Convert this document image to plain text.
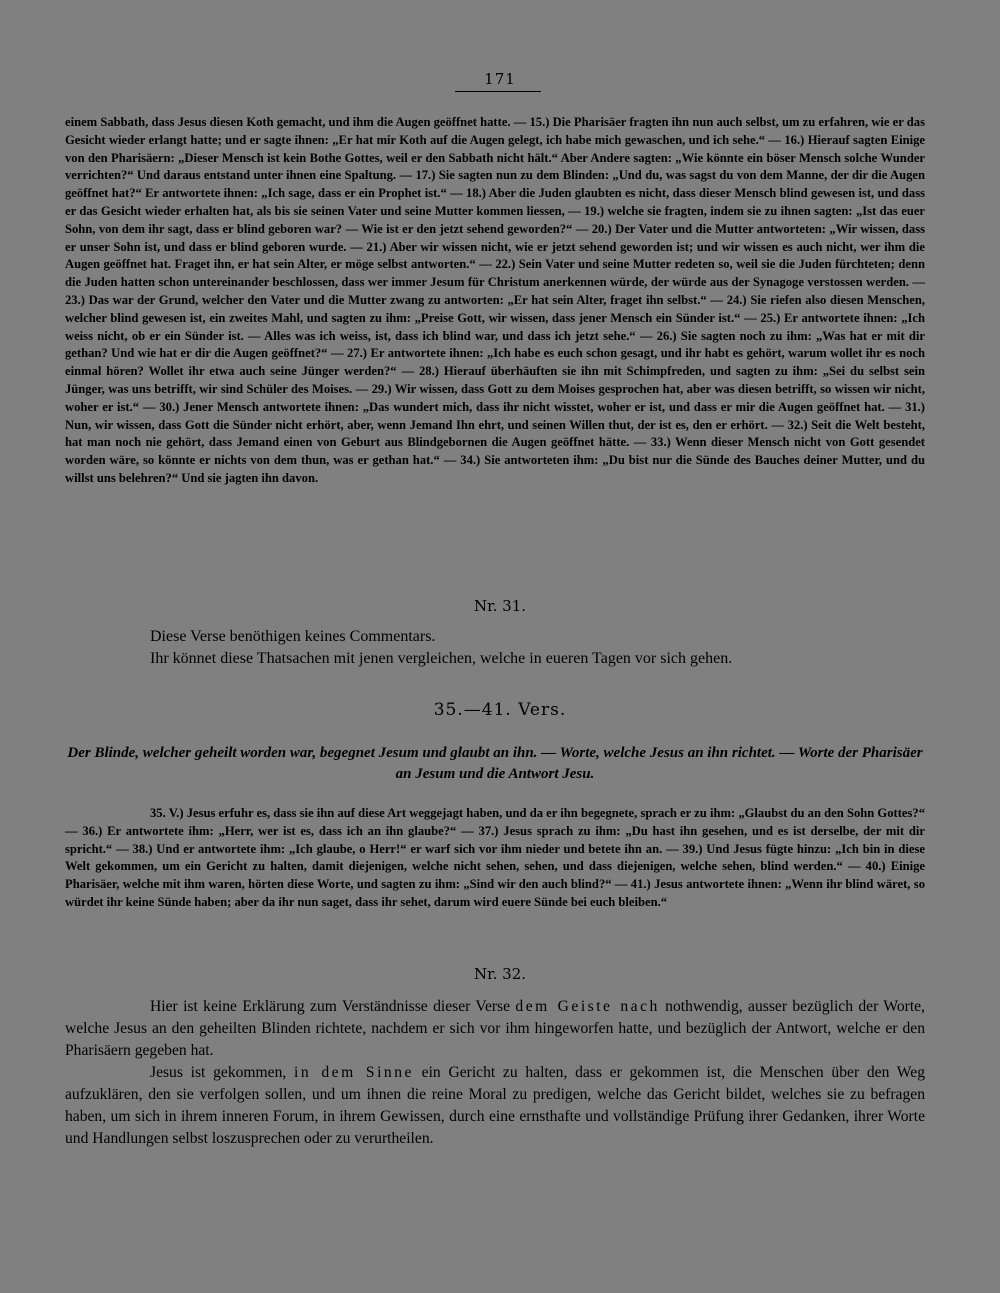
171
einem Sabbath, dass Jesus diesen Koth gemacht, und ihm die Augen geöffnet hatte. — 15.) Die Pharisäer fragten ihn nun auch selbst, um zu erfahren, wie er das Gesicht wieder erlangt hatte; und er sagte ihnen: „Er hat mir Koth auf die Augen gelegt, ich habe mich gewaschen, und ich sehe.“ — 16.) Hierauf sagten Einige von den Pharisäern: „Dieser Mensch ist kein Bothe Gottes, weil er den Sabbath nicht hält.“ Aber Andere sagten: „Wie könnte ein böser Mensch solche Wunder verrichten?“ Und daraus entstand unter ihnen eine Spaltung. — 17.) Sie sagten nun zu dem Blinden: „Und du, was sagst du von dem Manne, der dir die Augen geöffnet hat?“ Er antwortete ihnen: „Ich sage, dass er ein Prophet ist.“ — 18.) Aber die Juden glaubten es nicht, dass dieser Mensch blind gewesen ist, und dass er das Gesicht wieder erhalten hat, als bis sie seinen Vater und seine Mutter kommen liessen, — 19.) welche sie fragten, indem sie zu ihnen sagten: „Ist das euer Sohn, von dem ihr sagt, dass er blind geboren war? — Wie ist er den jetzt sehend geworden?“ — 20.) Der Vater und die Mutter antworteten: „Wir wissen, dass er unser Sohn ist, und dass er blind geboren wurde. — 21.) Aber wir wissen nicht, wie er jetzt sehend geworden ist; und wir wissen es auch nicht, wer ihm die Augen geöffnet hat. Fraget ihn, er hat sein Alter, er möge selbst antworten.“ — 22.) Sein Vater und seine Mutter redeten so, weil sie die Juden fürchteten; denn die Juden hatten schon untereinander beschlossen, dass wer immer Jesum für Christum anerkennen würde, der würde aus der Synagoge verstossen werden. — 23.) Das war der Grund, welcher den Vater und die Mutter zwang zu antworten: „Er hat sein Alter, fraget ihn selbst.“ — 24.) Sie riefen also diesen Menschen, welcher blind gewesen ist, ein zweites Mahl, und sagten zu ihm: „Preise Gott, wir wissen, dass jener Mensch ein Sünder ist.“ — 25.) Er antwortete ihnen: „Ich weiss nicht, ob er ein Sünder ist. — Alles was ich weiss, ist, dass ich blind war, und dass ich jetzt sehe.“ — 26.) Sie sagten noch zu ihm: „Was hat er mit dir gethan? Und wie hat er dir die Augen geöffnet?“ — 27.) Er antwortete ihnen: „Ich habe es euch schon gesagt, und ihr habt es gehört, warum wollet ihr es noch einmal hören? Wollet ihr etwa auch seine Jünger werden?“ — 28.) Hierauf überhäuften sie ihn mit Schimpfreden, und sagten zu ihm: „Sei du selbst sein Jünger, was uns betrifft, wir sind Schüler des Moises. — 29.) Wir wissen, dass Gott zu dem Moises gesprochen hat, aber was diesen betrifft, so wissen wir nicht, woher er ist.“ — 30.) Jener Mensch antwortete ihnen: „Das wundert mich, dass ihr nicht wisstet, woher er ist, und dass er mir die Augen geöffnet hat. — 31.) Nun, wir wissen, dass Gott die Sünder nicht erhört, aber, wenn Jemand Ihn ehrt, und seinen Willen thut, der ist es, den er erhört. — 32.) Seit die Welt besteht, hat man noch nie gehört, dass Jemand einen von Geburt aus Blindgebornen die Augen geöffnet hätte. — 33.) Wenn dieser Mensch nicht von Gott gesendet worden wäre, so könnte er nichts von dem thun, was er gethan hat.“ — 34.) Sie antworteten ihm: „Du bist nur die Sünde des Bauches deiner Mutter, und du willst uns belehren?“ Und sie jagten ihn davon.
Nr. 31.
Diese Verse benöthigen keines Commentars.
Ihr könnet diese Thatsachen mit jenen vergleichen, welche in eueren Tagen vor sich gehen.
35.—41. Vers.
Der Blinde, welcher geheilt worden war, begegnet Jesum und glaubt an ihn. — Worte, welche Jesus an ihn richtet. — Worte der Pharisäer an Jesum und die Antwort Jesu.
35. V.) Jesus erfuhr es, dass sie ihn auf diese Art weggejagt haben, und da er ihn begegnete, sprach er zu ihm: „Glaubst du an den Sohn Gottes?“ — 36.) Er antwortete ihm: „Herr, wer ist es, dass ich an ihn glaube?“ — 37.) Jesus sprach zu ihm: „Du hast ihn gesehen, und es ist derselbe, der mit dir spricht.“ — 38.) Und er antwortete ihm: „Ich glaube, o Herr!“ er warf sich vor ihm nieder und betete ihn an. — 39.) Und Jesus fügte hinzu: „Ich bin in diese Welt gekommen, um ein Gericht zu halten, damit diejenigen, welche nicht sehen, sehen, und dass diejenigen, welche sehen, blind werden.“ — 40.) Einige Pharisäer, welche mit ihm waren, hörten diese Worte, und sagten zu ihm: „Sind wir den auch blind?“ — 41.) Jesus antwortete ihnen: „Wenn ihr blind wäret, so würdet ihr keine Sünde haben; aber da ihr nun saget, dass ihr sehet, darum wird euere Sünde bei euch bleiben.“
Nr. 32.

Hier ist keine Erklärung zum Verständnisse dieser Verse dem Geiste nach nothwendig, ausser bezüglich der Worte, welche Jesus an den geheilten Blinden richtete, nachdem er sich vor ihm hingeworfen hatte, und bezüglich der Antwort, welche er den Pharisäern gegeben hat.

Jesus ist gekommen, in dem Sinne ein Gericht zu halten, dass er gekommen ist, die Menschen über den Weg aufzuklären, den sie verfolgen sollen, und um ihnen die reine Moral zu predigen, welche das Gericht bildet, welches sie zu befragen haben, um sich in ihrem inneren Forum, in ihrem Gewissen, durch eine ernsthafte und vollständige Prüfung ihrer Gedanken, ihrer Worte und Handlungen selbst loszusprechen oder zu verurtheilen.
